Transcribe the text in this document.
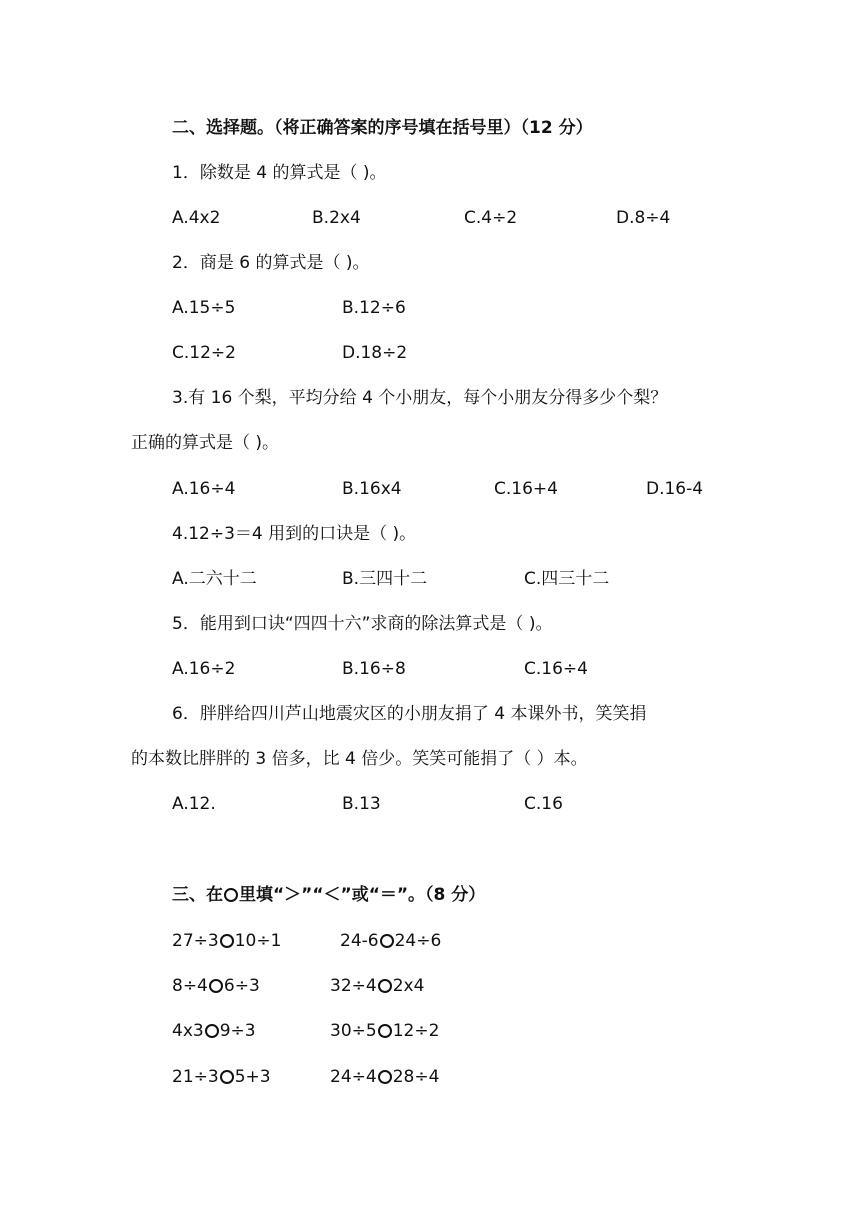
二、选择题。（将正确答案的序号填在括号里）（12 分）
1．除数是 4 的算式是（ )。
A.4x2	B.2x4	C.4÷2	D.8÷4
2．商是 6 的算式是（ )。
A.15÷5	B.12÷6
C.12÷2	D.18÷2
3.有 16 个梨，平均分给 4 个小朋友，每个小朋友分得多少个梨？
正确的算式是（ )。
A.16÷4	B.16x4	C.16+4	D.16-4
4.12÷3＝4 用到的口诀是（ )。
A.二六十二	B.三四十二	C.四三十二
5．能用到口诀“四四十六”求商的除法算式是（ )。
A.16÷2	B.16÷8	C.16÷4
6．胖胖给四川芦山地震灾区的小朋友捐了 4 本课外书，笑笑捐
的本数比胖胖的 3 倍多，比 4 倍少。笑笑可能捐了（ ）本。
A.12.	B.13	C.16
三、在 里填“＞”“＜”或“＝”。（8 分）
27÷3 10÷1	24-6 24÷6
8÷4 6÷3	32÷4 2x4
4x3 9÷3	30÷5 12÷2
21÷3 5+3	24÷4 28÷4
